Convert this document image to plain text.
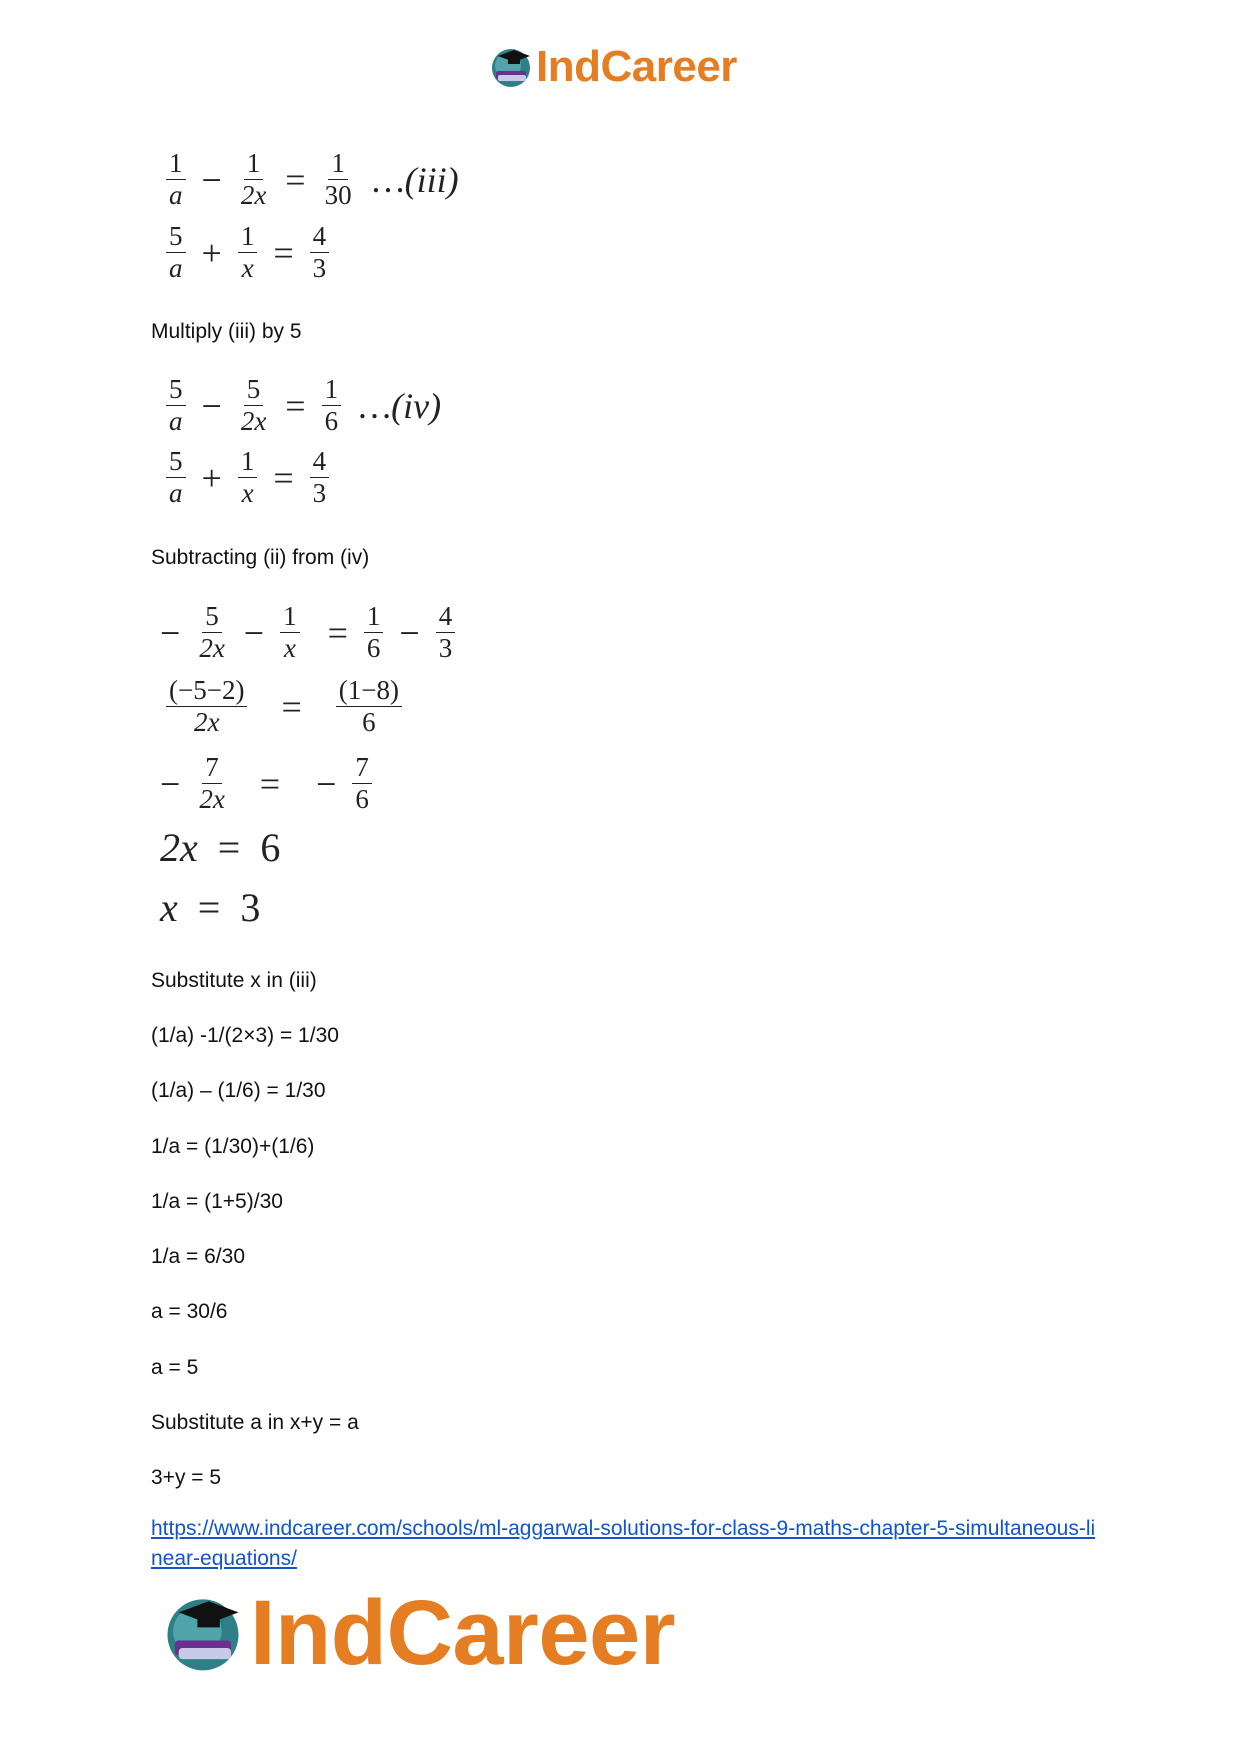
IndCareer
$\frac{1}{a} - \frac{1}{2x} = \frac{1}{30}$ …(iii)
$\frac{5}{a} + \frac{1}{x} = \frac{4}{3}$
Multiply (iii) by 5
$\frac{5}{a} - \frac{5}{2x} = \frac{1}{6}$ …(iv)
$\frac{5}{a} + \frac{1}{x} = \frac{4}{3}$
Subtracting (ii) from (iv)
− $\frac{5}{2x} - \frac{1}{x} = \frac{1}{6} - \frac{4}{3}$
$\frac{(-5-2)}{2x} = \frac{(1-8)}{6}$
− $\frac{7}{2x}$ = − $\frac{7}{6}$
2x = 6
x = 3
Substitute x in (iii)
(1/a) -1/(2×3) = 1/30
(1/a) – (1/6) = 1/30
1/a = (1/30)+(1/6)
1/a = (1+5)/30
1/a = 6/30
a = 30/6
a = 5
Substitute a in x+y = a
3+y = 5
https://www.indcareer.com/schools/ml-aggarwal-solutions-for-class-9-maths-chapter-5-simultaneous-linear-equations/
IndCareer
